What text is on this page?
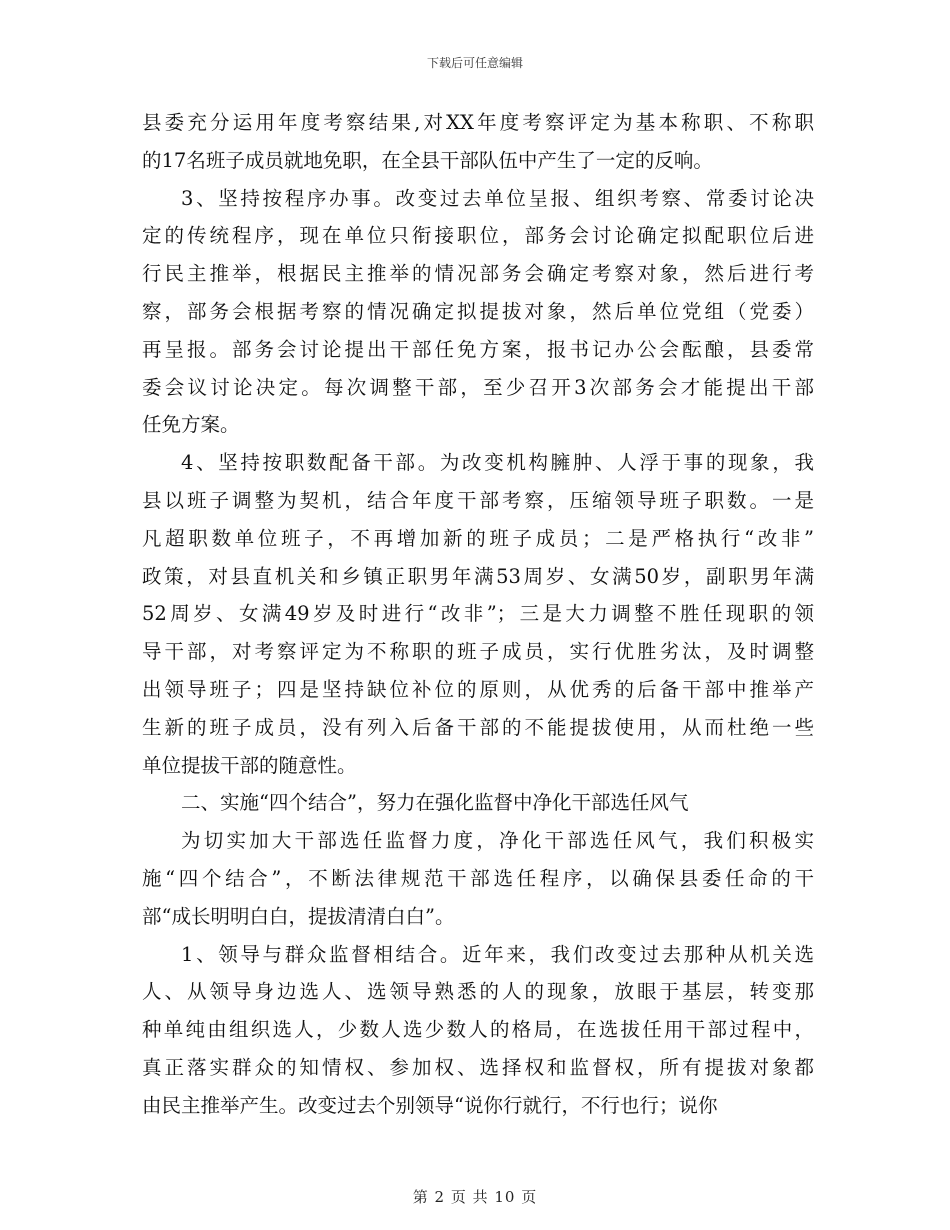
下载后可任意编辑

县委充分运用年度考察结果,对XX年度考察评定为基本称职、不称职
的17名班子成员就地免职，在全县干部队伍中产生了一定的反响。

3、坚持按程序办事。改变过去单位呈报、组织考察、常委讨论决
定的传统程序，现在单位只衔接职位，部务会讨论确定拟配职位后进
行民主推举，根据民主推举的情况部务会确定考察对象，然后进行考
察，部务会根据考察的情况确定拟提拔对象，然后单位党组（党委）
再呈报。部务会讨论提出干部任免方案，报书记办公会酝酿，县委常
委会议讨论决定。每次调整干部，至少召开3次部务会才能提出干部
任免方案。

4、坚持按职数配备干部。为改变机构臃肿、人浮于事的现象，我
县以班子调整为契机，结合年度干部考察，压缩领导班子职数。一是
凡超职数单位班子，不再增加新的班子成员；二是严格执行“改非”
政策，对县直机关和乡镇正职男年满53周岁、女满50岁，副职男年满
52周岁、女满49岁及时进行“改非”；三是大力调整不胜任现职的领
导干部，对考察评定为不称职的班子成员，实行优胜劣汰，及时调整
出领导班子；四是坚持缺位补位的原则，从优秀的后备干部中推举产
生新的班子成员，没有列入后备干部的不能提拔使用，从而杜绝一些
单位提拔干部的随意性。

二、实施“四个结合”，努力在强化监督中净化干部选任风气

为切实加大干部选任监督力度，净化干部选任风气，我们积极实
施“四个结合”，不断法律规范干部选任程序，以确保县委任命的干
部“成长明明白白，提拔清清白白”。

1、领导与群众监督相结合。近年来，我们改变过去那种从机关选
人、从领导身边选人、选领导熟悉的人的现象，放眼于基层，转变那
种单纯由组织选人，少数人选少数人的格局，在选拔任用干部过程中，
真正落实群众的知情权、参加权、选择权和监督权，所有提拔对象都
由民主推举产生。改变过去个别领导“说你行就行，不行也行；说你

第 2 页 共 10 页
